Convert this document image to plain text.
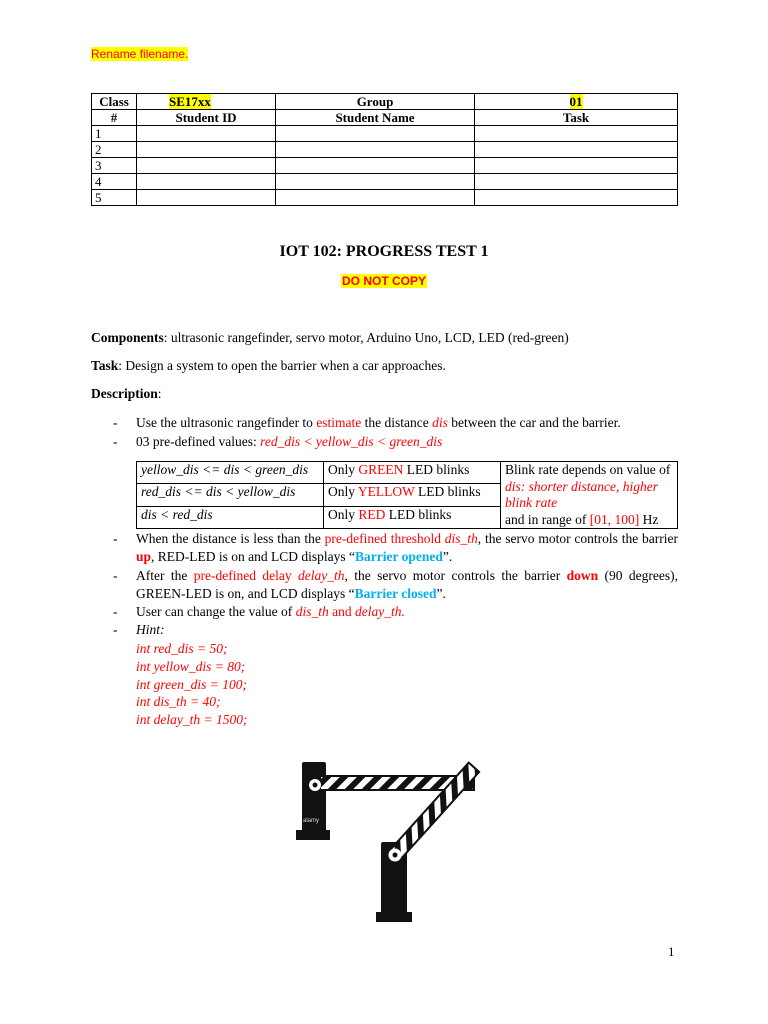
Rename filename.
Class	SE17xx	Group	01
#	Student ID	Student Name	Task
1			
2			
3			
4			
5			
IOT 102: PROGRESS TEST 1
DO NOT COPY
Components: ultrasonic rangefinder, servo motor, Arduino Uno, LCD, LED (red-green)
Task: Design a system to open the barrier when a car approaches.
Description:
- Use the ultrasonic rangefinder to estimate the distance dis between the car and the barrier.
- 03 pre-defined values: red_dis < yellow_dis < green_dis
yellow_dis <= dis < green_dis	Only GREEN LED blinks	Blink rate depends on value of dis: shorter distance, higher blink rate
and in range of [01, 100] Hz
red_dis <= dis < yellow_dis	Only YELLOW LED blinks	
dis < red_dis	Only RED LED blinks	
- When the distance is less than the pre-defined threshold dis_th, the servo motor controls the barrier up, RED-LED is on and LCD displays “Barrier opened”.
- After the pre-defined delay delay_th, the servo motor controls the barrier down (90 degrees), GREEN-LED is on, and LCD displays “Barrier closed”.
- User can change the value of dis_th and delay_th.
- Hint:
int red_dis = 50;
int yellow_dis = 80;
int green_dis = 100;
int dis_th = 40;
int delay_th = 1500;
alamy
1
